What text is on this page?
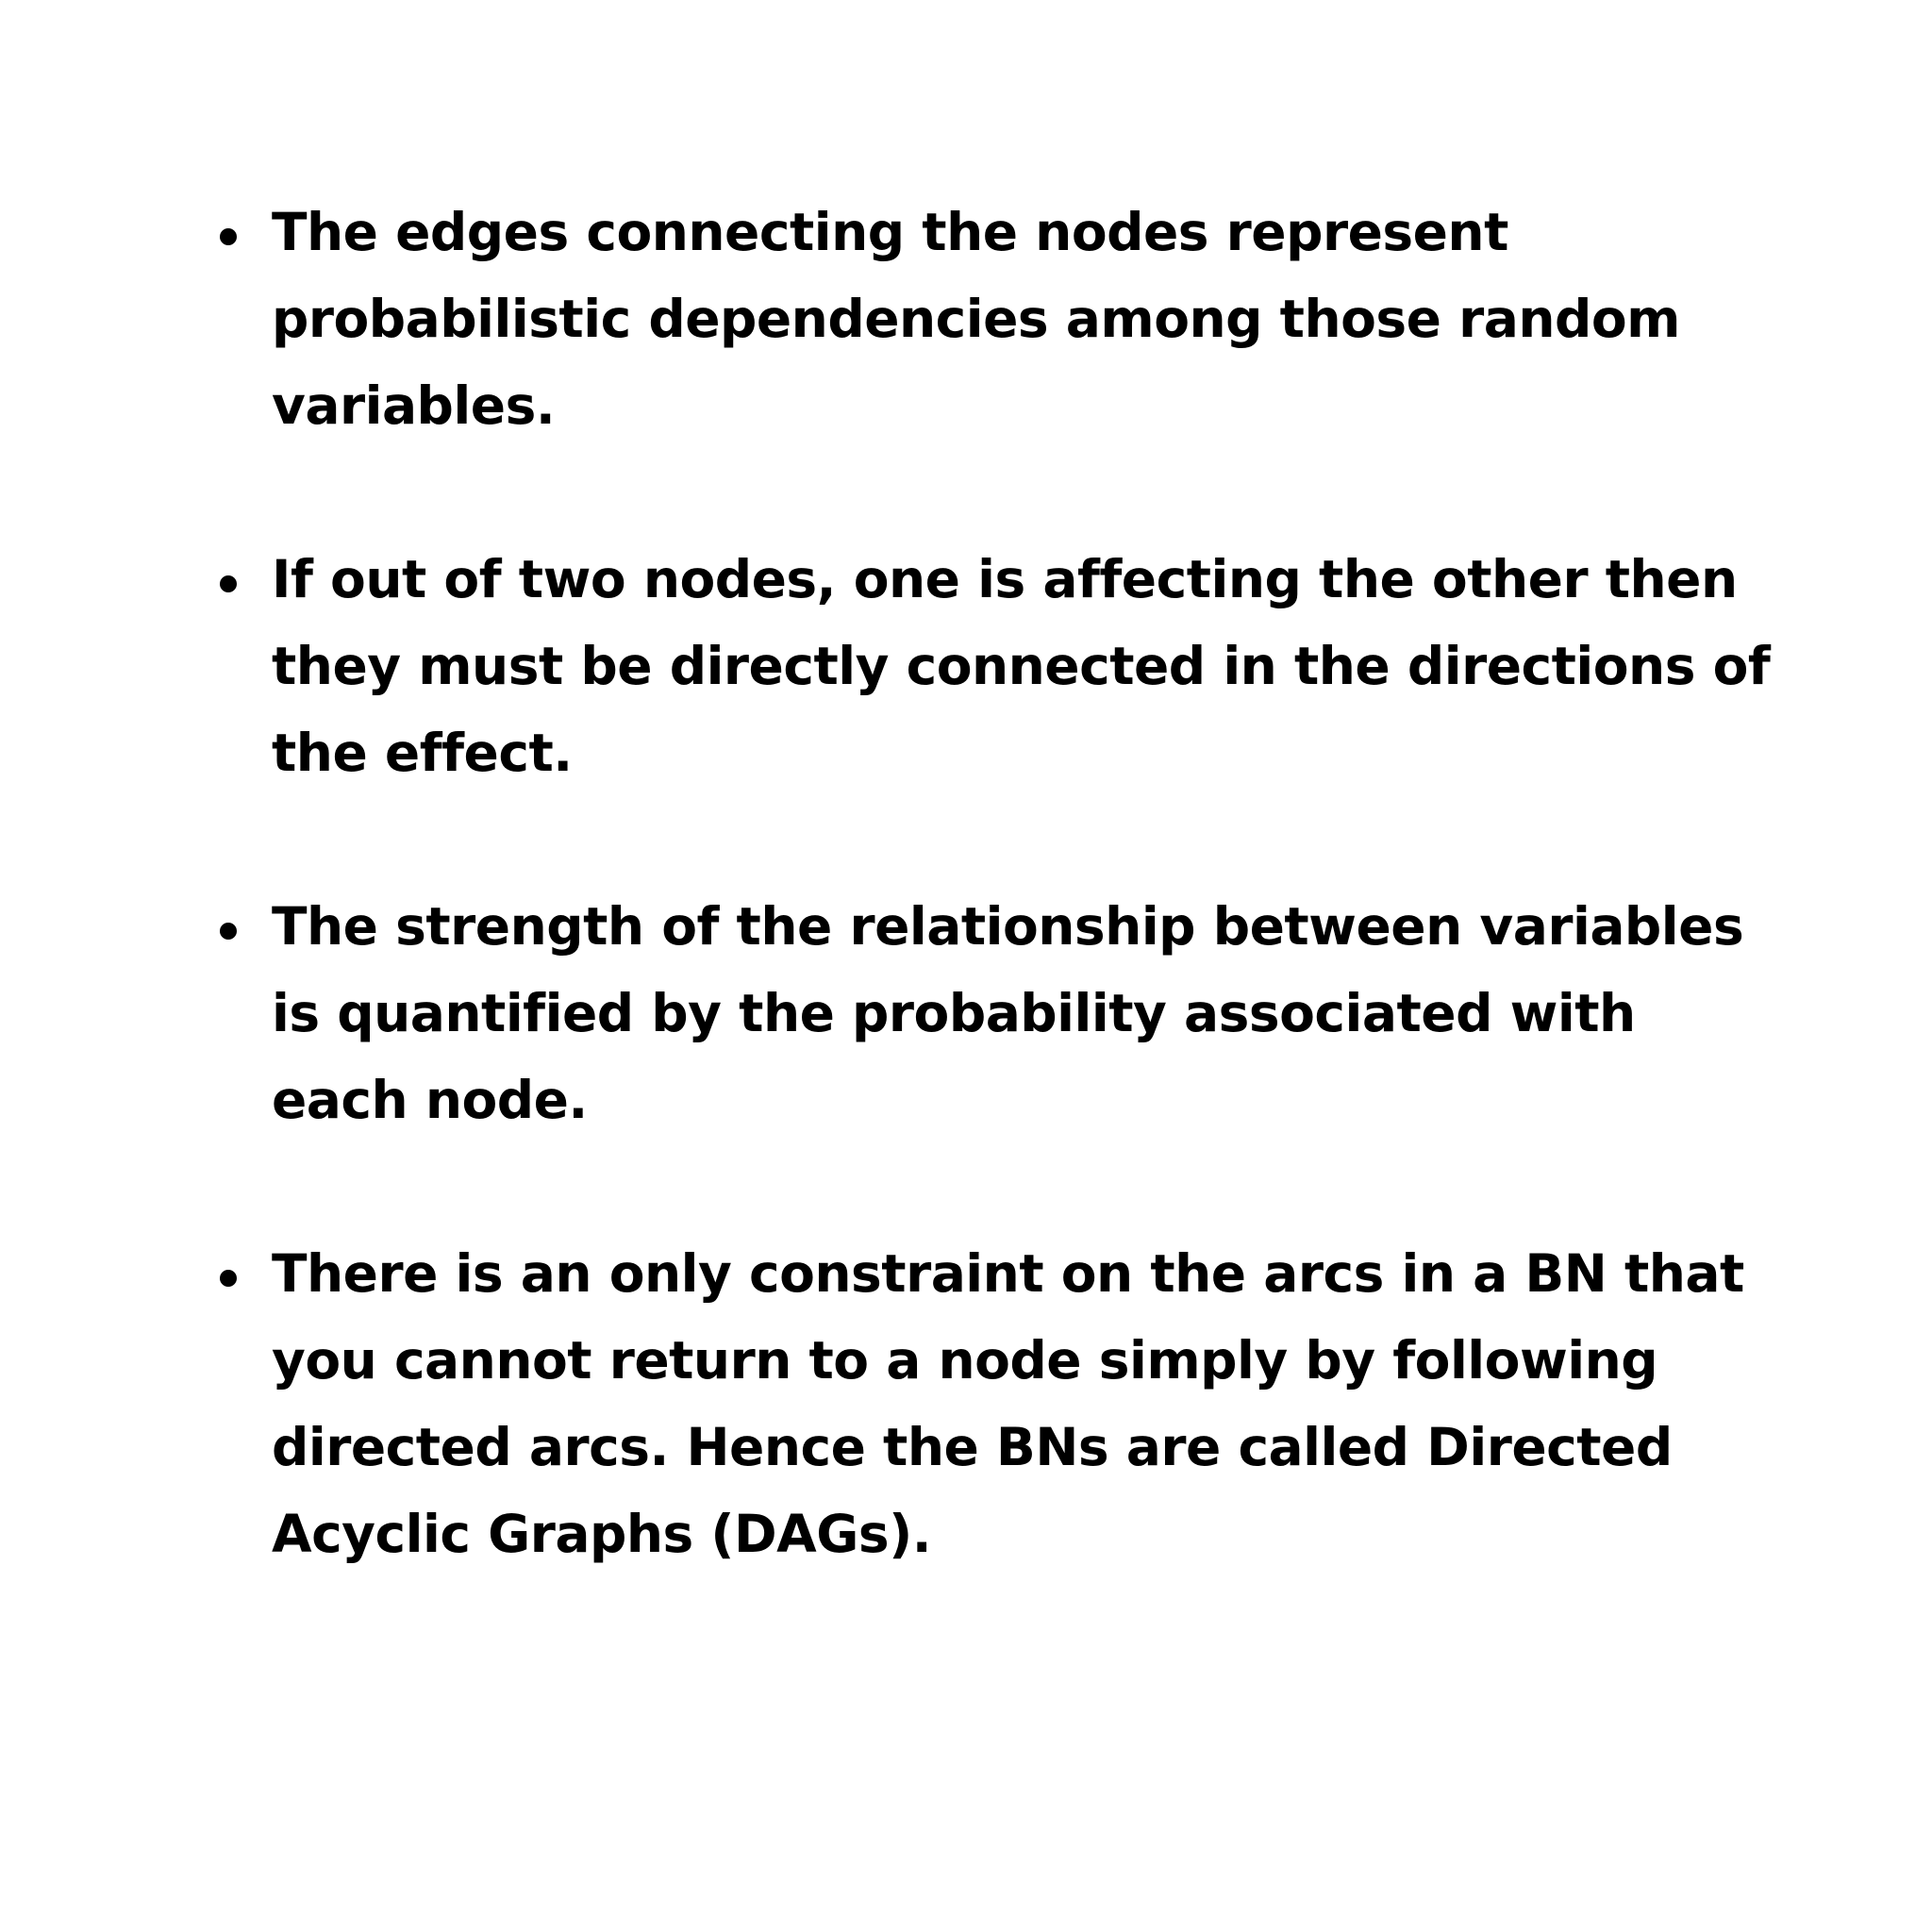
The edges connecting the nodes represent
probabilistic dependencies among those random
variables.
If out of two nodes, one is affecting the other then
they must be directly connected in the directions of
the effect.
The strength of the relationship between variables
is quantified by the probability associated with
each node.
There is an only constraint on the arcs in a BN that
you cannot return to a node simply by following
directed arcs. Hence the BNs are called Directed
Acyclic Graphs (DAGs).
